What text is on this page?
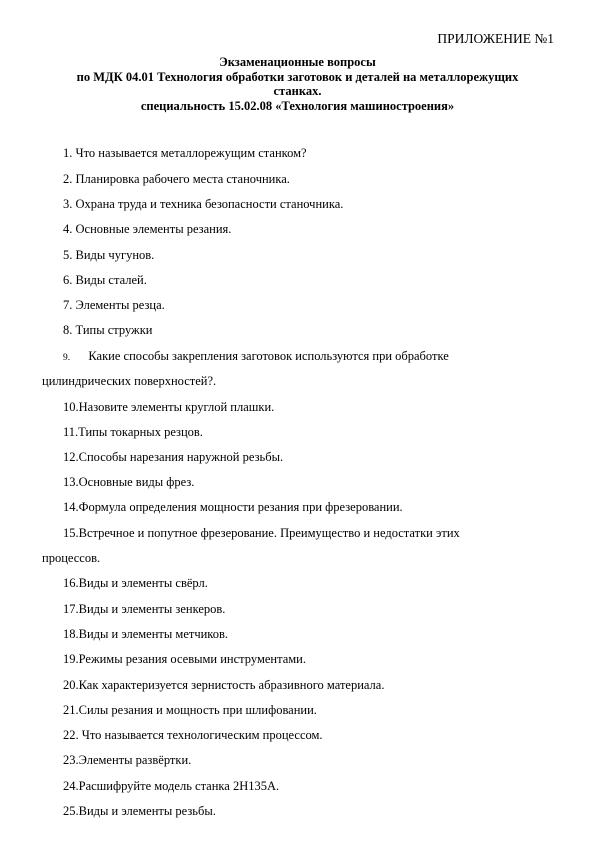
ПРИЛОЖЕНИЕ №1
Экзаменационные вопросы
по МДК 04.01 Технология обработки заготовок и деталей на металлорежущих
станках.
специальность 15.02.08 «Технология машиностроения»
1. Что называется металлорежущим станком?
2. Планировка рабочего места станочника.
3. Охрана труда и техника безопасности станочника.
4. Основные элементы резания.
5. Виды чугунов.
6. Виды сталей.
7. Элементы резца.
8. Типы стружки
9. Какие способы закрепления заготовок используются при обработке
цилиндрических поверхностей?.
10.Назовите элементы круглой плашки.
11.Типы токарных резцов.
12.Способы нарезания наружной резьбы.
13.Основные виды фрез.
14.Формула определения мощности резания при фрезеровании.
15.Встречное и попутное фрезерование. Преимущество и недостатки этих
процессов.
16.Виды и элементы свёрл.
17.Виды и элементы зенкеров.
18.Виды и элементы метчиков.
19.Режимы резания осевыми инструментами.
20.Как характеризуется зернистость абразивного материала.
21.Силы резания и мощность при шлифовании.
22. Что называется технологическим процессом.
23.Элементы развёртки.
24.Расшифруйте модель станка 2Н135А.
25.Виды и элементы резьбы.
